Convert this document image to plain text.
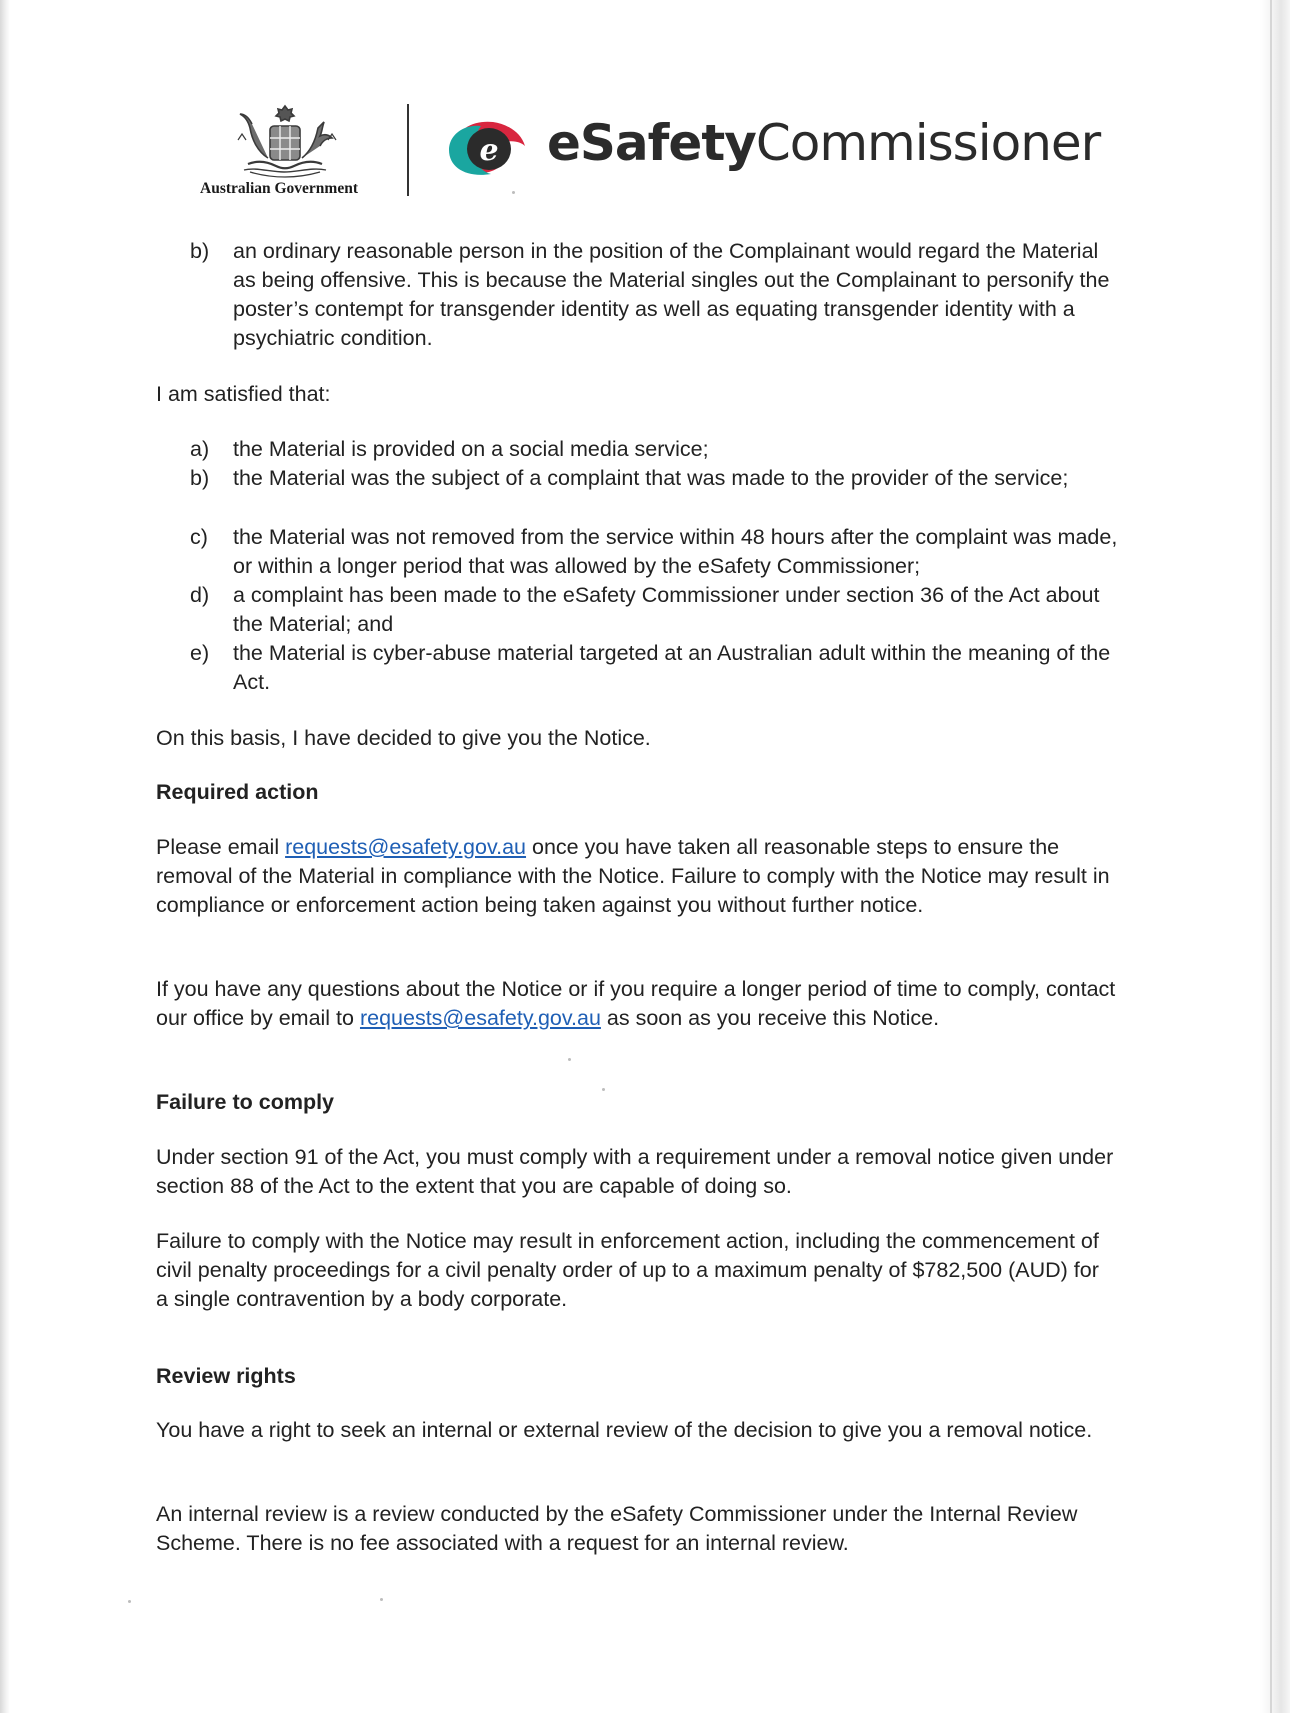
Australian Government
e eSafetyCommissioner
b)	an ordinary reasonable person in the position of the Complainant would regard the Material as being offensive. This is because the Material singles out the Complainant to personify the poster’s contempt for transgender identity as well as equating transgender identity with a psychiatric condition.

I am satisfied that:

a)	the Material is provided on a social media service;

b)	the Material was the subject of a complaint that was made to the provider of the service;

c)	the Material was not removed from the service within 48 hours after the complaint was made, or within a longer period that was allowed by the eSafety Commissioner;

d)	a complaint has been made to the eSafety Commissioner under section 36 of the Act about the Material; and

e)	the Material is cyber-abuse material targeted at an Australian adult within the meaning of the Act.

On this basis, I have decided to give you the Notice.

Required action

Please email requests@esafety.gov.au once you have taken all reasonable steps to ensure the removal of the Material in compliance with the Notice. Failure to comply with the Notice may result in compliance or enforcement action being taken against you without further notice.

If you have any questions about the Notice or if you require a longer period of time to comply, contact our office by email to requests@esafety.gov.au as soon as you receive this Notice.

Failure to comply

Under section 91 of the Act, you must comply with a requirement under a removal notice given under section 88 of the Act to the extent that you are capable of doing so.

Failure to comply with the Notice may result in enforcement action, including the commencement of civil penalty proceedings for a civil penalty order of up to a maximum penalty of $782,500 (AUD) for a single contravention by a body corporate.

Review rights

You have a right to seek an internal or external review of the decision to give you a removal notice.

An internal review is a review conducted by the eSafety Commissioner under the Internal Review Scheme. There is no fee associated with a request for an internal review.
